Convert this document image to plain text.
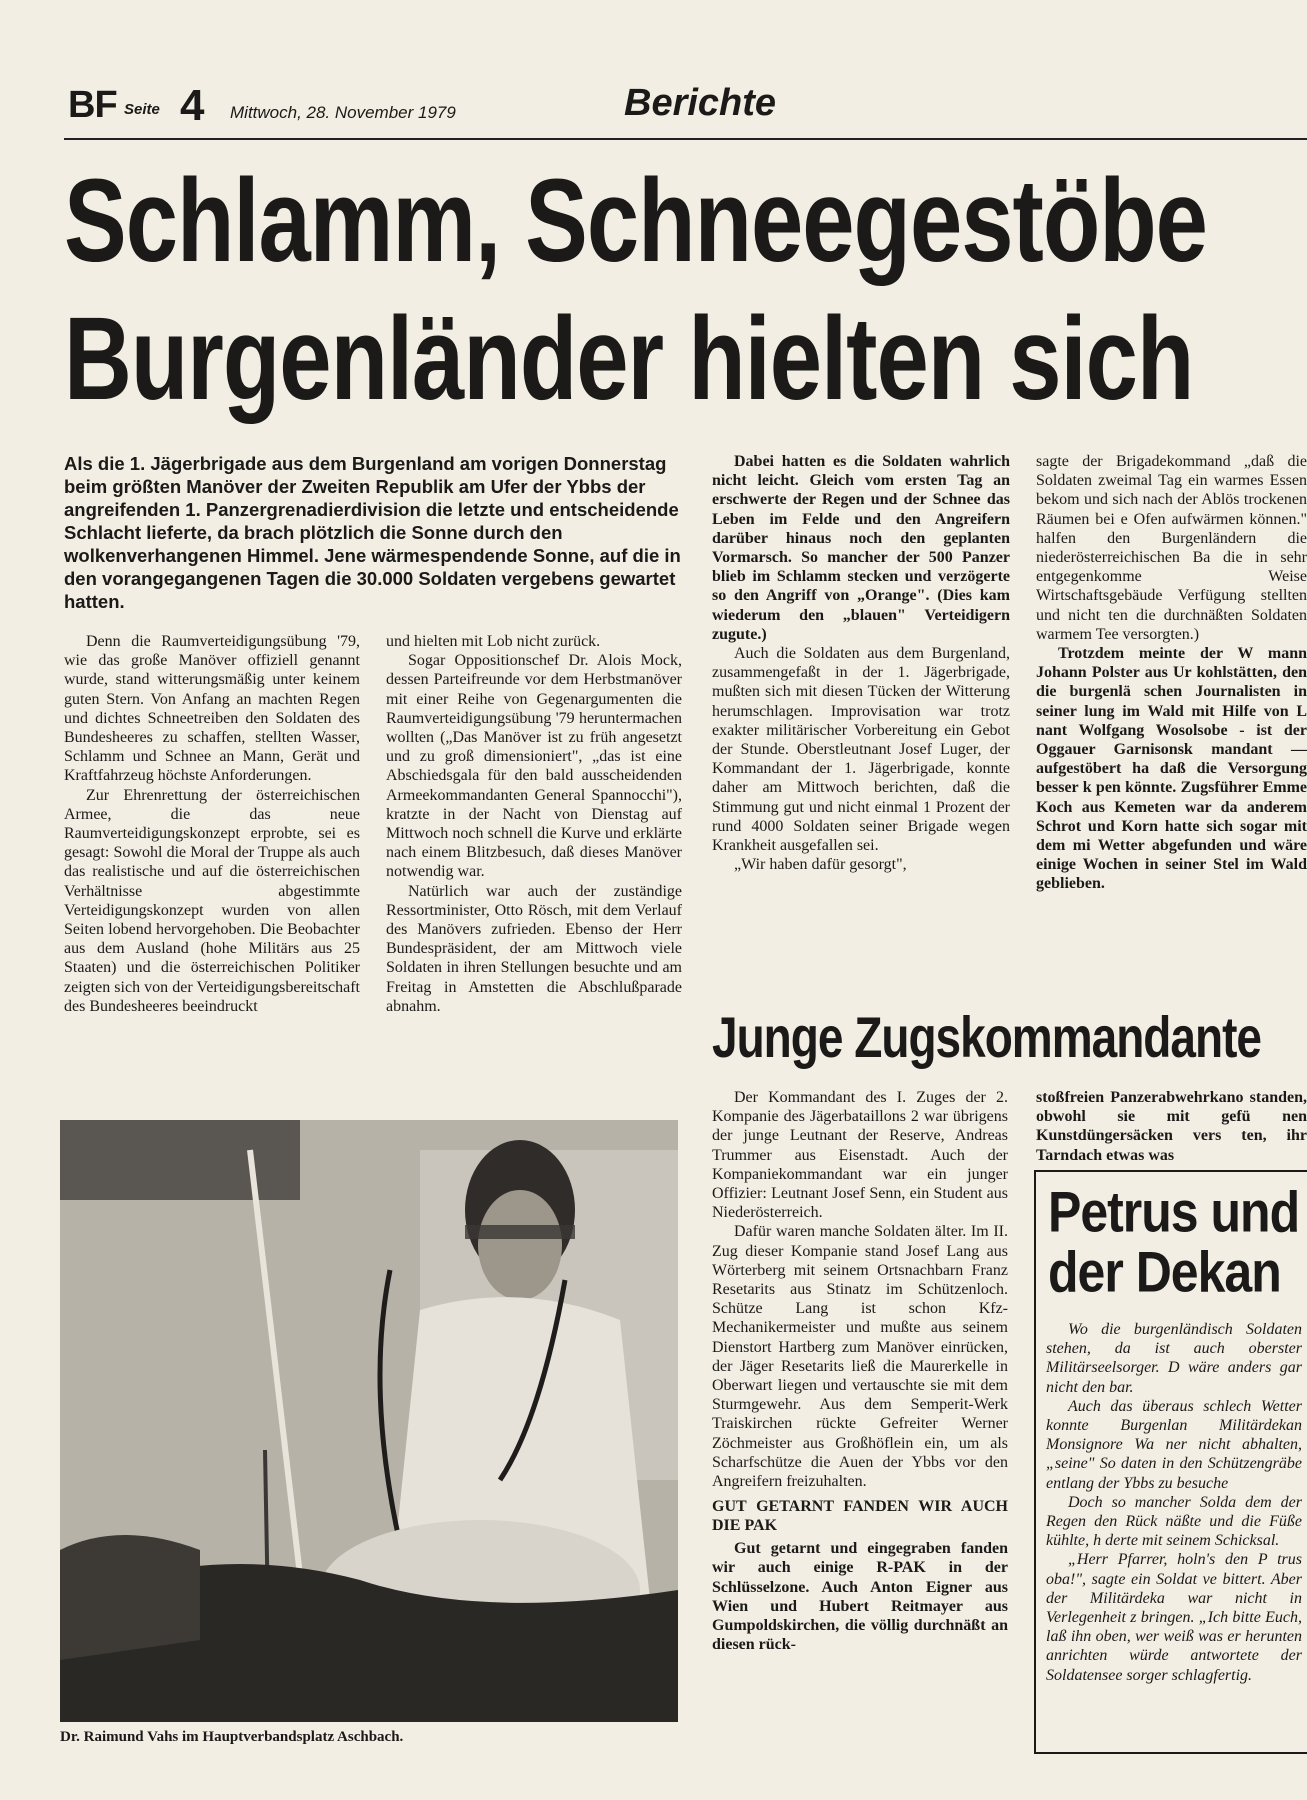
BF Seite 4 Mittwoch, 28. November 1979	Berichte
Schlamm, Schneegestöbe
Burgenländer hielten sich
Als die 1. Jägerbrigade aus dem Burgenland am vorigen Donnerstag beim größten Manöver der Zweiten Republik am Ufer der Ybbs der angreifenden 1. Panzergrenadierdivision die letzte und entscheidende Schlacht lieferte, da brach plötzlich die Sonne durch den wolkenverhangenen Himmel. Jene wärmespendende Sonne, auf die in den vorangegangenen Tagen die 30.000 Soldaten vergebens gewartet hatten.

Denn die Raumverteidigungsübung '79, wie das große Manöver offiziell genannt wurde, stand witterungsmäßig unter keinem guten Stern. Von Anfang an machten Regen und dichtes Schneetreiben den Soldaten des Bundesheeres zu schaffen, stellten Wasser, Schlamm und Schnee an Mann, Gerät und Kraftfahrzeug höchste Anforderungen.

Zur Ehrenrettung der österreichischen Armee, die das neue Raumverteidigungskonzept erprobte, sei es gesagt: Sowohl die Moral der Truppe als auch das realistische und auf die österreichischen Verhältnisse abgestimmte Verteidigungskonzept wurden von allen Seiten lobend hervorgehoben. Die Beobachter aus dem Ausland (hohe Militärs aus 25 Staaten) und die österreichischen Politiker zeigten sich von der Verteidigungsbereitschaft des Bundesheeres beeindruckt

und hielten mit Lob nicht zurück.

Sogar Oppositionschef Dr. Alois Mock, dessen Parteifreunde vor dem Herbstmanöver mit einer Reihe von Gegenargumenten die Raumverteidigungsübung '79 heruntermachen wollten („Das Manöver ist zu früh angesetzt und zu groß dimensioniert", „das ist eine Abschiedsgala für den bald ausscheidenden Armeekommandanten General Spannocchi"), kratzte in der Nacht von Dienstag auf Mittwoch noch schnell die Kurve und erklärte nach einem Blitzbesuch, daß dieses Manöver notwendig war.

Natürlich war auch der zuständige Ressortminister, Otto Rösch, mit dem Verlauf des Manövers zufrieden. Ebenso der Herr Bundespräsident, der am Mittwoch viele Soldaten in ihren Stellungen besuchte und am Freitag in Amstetten die Abschlußparade abnahm.

Dabei hatten es die Soldaten wahrlich nicht leicht. Gleich vom ersten Tag an erschwerte der Regen und der Schnee das Leben im Felde und den Angreifern darüber hinaus noch den geplanten Vormarsch. So mancher der 500 Panzer blieb im Schlamm stecken und verzögerte so den Angriff von „Orange". (Dies kam wiederum den „blauen" Verteidigern zugute.)

Auch die Soldaten aus dem Burgenland, zusammengefaßt in der 1. Jägerbrigade, mußten sich mit diesen Tücken der Witterung herumschlagen. Improvisation war trotz exakter militärischer Vorbereitung ein Gebot der Stunde. Oberstleutnant Josef Luger, der Kommandant der 1. Jägerbrigade, konnte daher am Mittwoch berichten, daß die Stimmung gut und nicht einmal 1 Prozent der rund 4000 Soldaten seiner Brigade wegen Krankheit ausgefallen sei.

„Wir haben dafür gesorgt",

sagte der Brigadekommand „daß die Soldaten zweimal Tag ein warmes Essen bekom und sich nach der Ablös trockenen Räumen bei e Ofen aufwärmen können." halfen den Burgenländern die niederösterreichischen Ba die in sehr entgegenkomme Weise Wirtschaftsgebäude Verfügung stellten und nicht ten die durchnäßten Soldaten warmem Tee versorgten.)

Trotzdem meinte der W mann Johann Polster aus Ur kohlstätten, den die burgenlä schen Journalisten in seiner lung im Wald mit Hilfe von L nant Wolfgang Wosolsobe - ist der Oggauer Garnisonsk mandant — aufgestöbert ha daß die Versorgung besser k pen könnte. Zugsführer Emme Koch aus Kemeten war da anderem Schrot und Korn hatte sich sogar mit dem mi Wetter abgefunden und wäre einige Wochen in seiner Stel im Wald geblieben.

Junge Zugskommandante

Der Kommandant des I. Zuges der 2. Kompanie des Jägerbataillons 2 war übrigens der junge Leutnant der Reserve, Andreas Trummer aus Eisenstadt. Auch der Kompaniekommandant war ein junger Offizier: Leutnant Josef Senn, ein Student aus Niederösterreich.

Dafür waren manche Soldaten älter. Im II. Zug dieser Kompanie stand Josef Lang aus Wörterberg mit seinem Ortsnachbarn Franz Resetarits aus Stinatz im Schützenloch. Schütze Lang ist schon Kfz-Mechanikermeister und mußte aus seinem Dienstort Hartberg zum Manöver einrücken, der Jäger Resetarits ließ die Maurerkelle in Oberwart liegen und vertauschte sie mit dem Sturmgewehr. Aus dem Semperit-Werk Traiskirchen rückte Gefreiter Werner Zöchmeister aus Großhöflein ein, um als Scharfschütze die Auen der Ybbs vor den Angreifern freizuhalten.

GUT GETARNT FANDEN WIR AUCH DIE PAK

Gut getarnt und eingegraben fanden wir auch einige R-PAK in der Schlüsselzone. Auch Anton Eigner aus Wien und Hubert Reitmayer aus Gumpoldskirchen, die völlig durchnäßt an diesen rück-

stoßfreien Panzerabwehrkano standen, obwohl sie mit gefü nen Kunstdüngersäcken vers ten, ihr Tarndach etwas was

Dr. Raimund Vahs im Hauptverbandsplatz Aschbach.
Petrus und
der Dekan

Wo die burgenländisch Soldaten stehen, da ist auch oberster Militärseelsorger. D wäre anders gar nicht den bar.

Auch das überaus schlech Wetter konnte Burgenlan Militärdekan Monsignore Wa ner nicht abhalten, „seine" So daten in den Schützengräbe entlang der Ybbs zu besuche

Doch so mancher Solda dem der Regen den Rück näßte und die Füße kühlte, h derte mit seinem Schicksal.

„Herr Pfarrer, holn's den P trus oba!", sagte ein Soldat ve bittert. Aber der Militärdeka war nicht in Verlegenheit z bringen. „Ich bitte Euch, laß ihn oben, wer weiß was er herunten anrichten würde antwortete der Soldatensee sorger schlagfertig.
